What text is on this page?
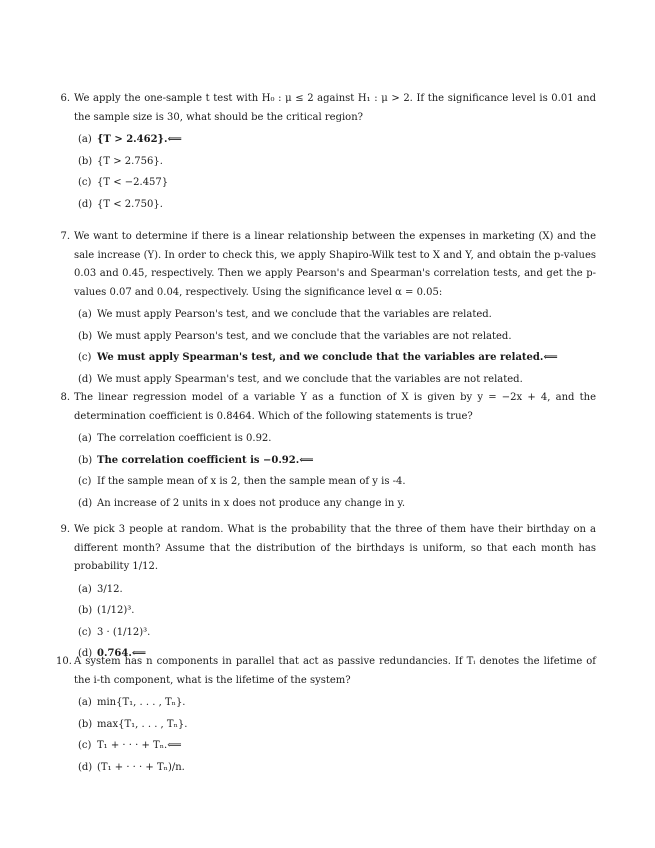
6. We apply the one-sample t test with H₀ : μ ≤ 2 against H₁ : μ > 2. If the significance level is 0.01 and the sample size is 30, what should be the critical region?
(a) {T > 2.462}.⟸
(b) {T > 2.756}.
(c) {T < −2.457}
(d) {T < 2.750}.
7. We want to determine if there is a linear relationship between the expenses in marketing (X) and the sale increase (Y). In order to check this, we apply Shapiro-Wilk test to X and Y, and obtain the p-values 0.03 and 0.45, respectively. Then we apply Pearson's and Spearman's correlation tests, and get the p-values 0.07 and 0.04, respectively. Using the significance level α = 0.05:
(a) We must apply Pearson's test, and we conclude that the variables are related.
(b) We must apply Pearson's test, and we conclude that the variables are not related.
(c) We must apply Spearman's test, and we conclude that the variables are related.⟸
(d) We must apply Spearman's test, and we conclude that the variables are not related.
8. The linear regression model of a variable Y as a function of X is given by y = −2x + 4, and the determination coefficient is 0.8464. Which of the following statements is true?
(a) The correlation coefficient is 0.92.
(b) The correlation coefficient is −0.92.⟸
(c) If the sample mean of x is 2, then the sample mean of y is -4.
(d) An increase of 2 units in x does not produce any change in y.
9. We pick 3 people at random. What is the probability that the three of them have their birthday on a different month? Assume that the distribution of the birthdays is uniform, so that each month has probability 1/12.
(a) 3/12.
(b) (1/12)³.
(c) 3 · (1/12)³.
(d) 0.764.⟸
10. A system has n components in parallel that act as passive redundancies. If Tᵢ denotes the lifetime of the i-th component, what is the lifetime of the system?
(a) min{T₁, . . . , Tₙ}.
(b) max{T₁, . . . , Tₙ}.
(c) T₁ + · · · + Tₙ.⟸
(d) (T₁ + · · · + Tₙ)/n.
